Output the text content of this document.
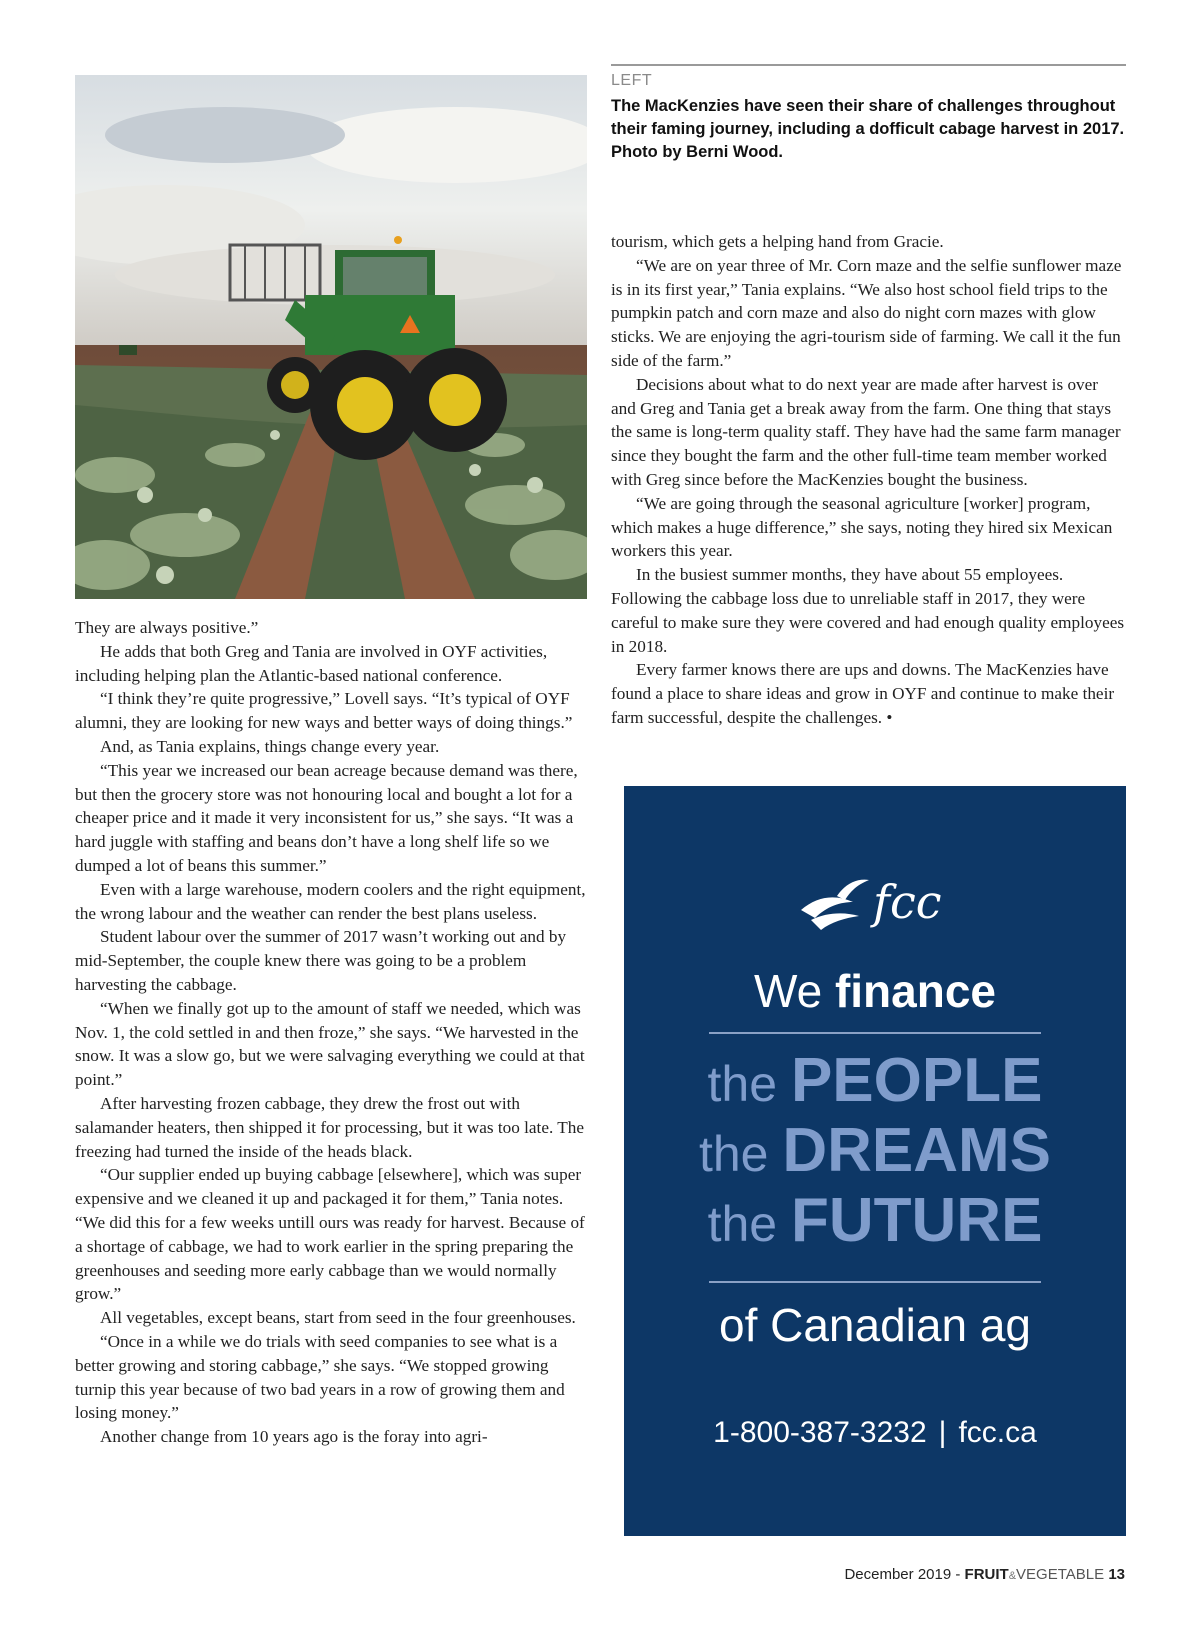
LEFT
The MacKenzies have seen their share of challenges throughout their faming journey, including a dofficult cabage harvest in 2017. Photo by Berni Wood.

They are always positive.”

He adds that both Greg and Tania are involved in OYF activities, including helping plan the Atlantic-based national conference.

“I think they’re quite progressive,” Lovell says. “It’s typical of OYF alumni, they are looking for new ways and better ways of doing things.”

And, as Tania explains, things change every year.

“This year we increased our bean acreage because demand was there, but then the grocery store was not honouring local and bought a lot for a cheaper price and it made it very inconsistent for us,” she says. “It was a hard juggle with staffing and beans don’t have a long shelf life so we dumped a lot of beans this summer.”

Even with a large warehouse, modern coolers and the right equipment, the wrong labour and the weather can render the best plans useless.

Student labour over the summer of 2017 wasn’t working out and by mid-September, the couple knew there was going to be a problem harvesting the cabbage.

“When we finally got up to the amount of staff we needed, which was Nov. 1, the cold settled in and then froze,” she says. “We harvested in the snow. It was a slow go, but we were salvaging everything we could at that point.”

After harvesting frozen cabbage, they drew the frost out with salamander heaters, then shipped it for processing, but it was too late. The freezing had turned the inside of the heads black.

“Our supplier ended up buying cabbage [elsewhere], which was super expensive and we cleaned it up and packaged it for them,” Tania notes. “We did this for a few weeks untill ours was ready for harvest. Because of a shortage of cabbage, we had to work earlier in the spring preparing the greenhouses and seeding more early cabbage than we would normally grow.”

All vegetables, except beans, start from seed in the four greenhouses.

“Once in a while we do trials with seed companies to see what is a better growing and storing cabbage,” she says. “We stopped growing turnip this year because of two bad years in a row of growing them and losing money.”

Another change from 10 years ago is the foray into agri-

tourism, which gets a helping hand from Gracie.

“We are on year three of Mr. Corn maze and the selfie sunflower maze is in its first year,” Tania explains. “We also host school field trips to the pumpkin patch and corn maze and also do night corn mazes with glow sticks. We are enjoying the agri-tourism side of farming. We call it the fun side of the farm.”

Decisions about what to do next year are made after harvest is over and Greg and Tania get a break away from the farm. One thing that stays the same is long-term quality staff. They have had the same farm manager since they bought the farm and the other full-time team member worked with Greg since before the MacKenzies bought the business.

“We are going through the seasonal agriculture [worker] program, which makes a huge difference,” she says, noting they hired six Mexican workers this year.

In the busiest summer months, they have about 55 employees. Following the cabbage loss due to unreliable staff in 2017, they were careful to make sure they were covered and had enough quality employees in 2018.

Every farmer knows there are ups and downs. The MacKenzies have found a place to share ideas and grow in OYF and continue to make their farm successful, despite the challenges. •

fcc
We finance
the PEOPLE
the DREAMS
the FUTURE
of Canadian ag
1-800-387-3232 | fcc.ca
December 2019 - FRUIT&VEGETABLE 13
